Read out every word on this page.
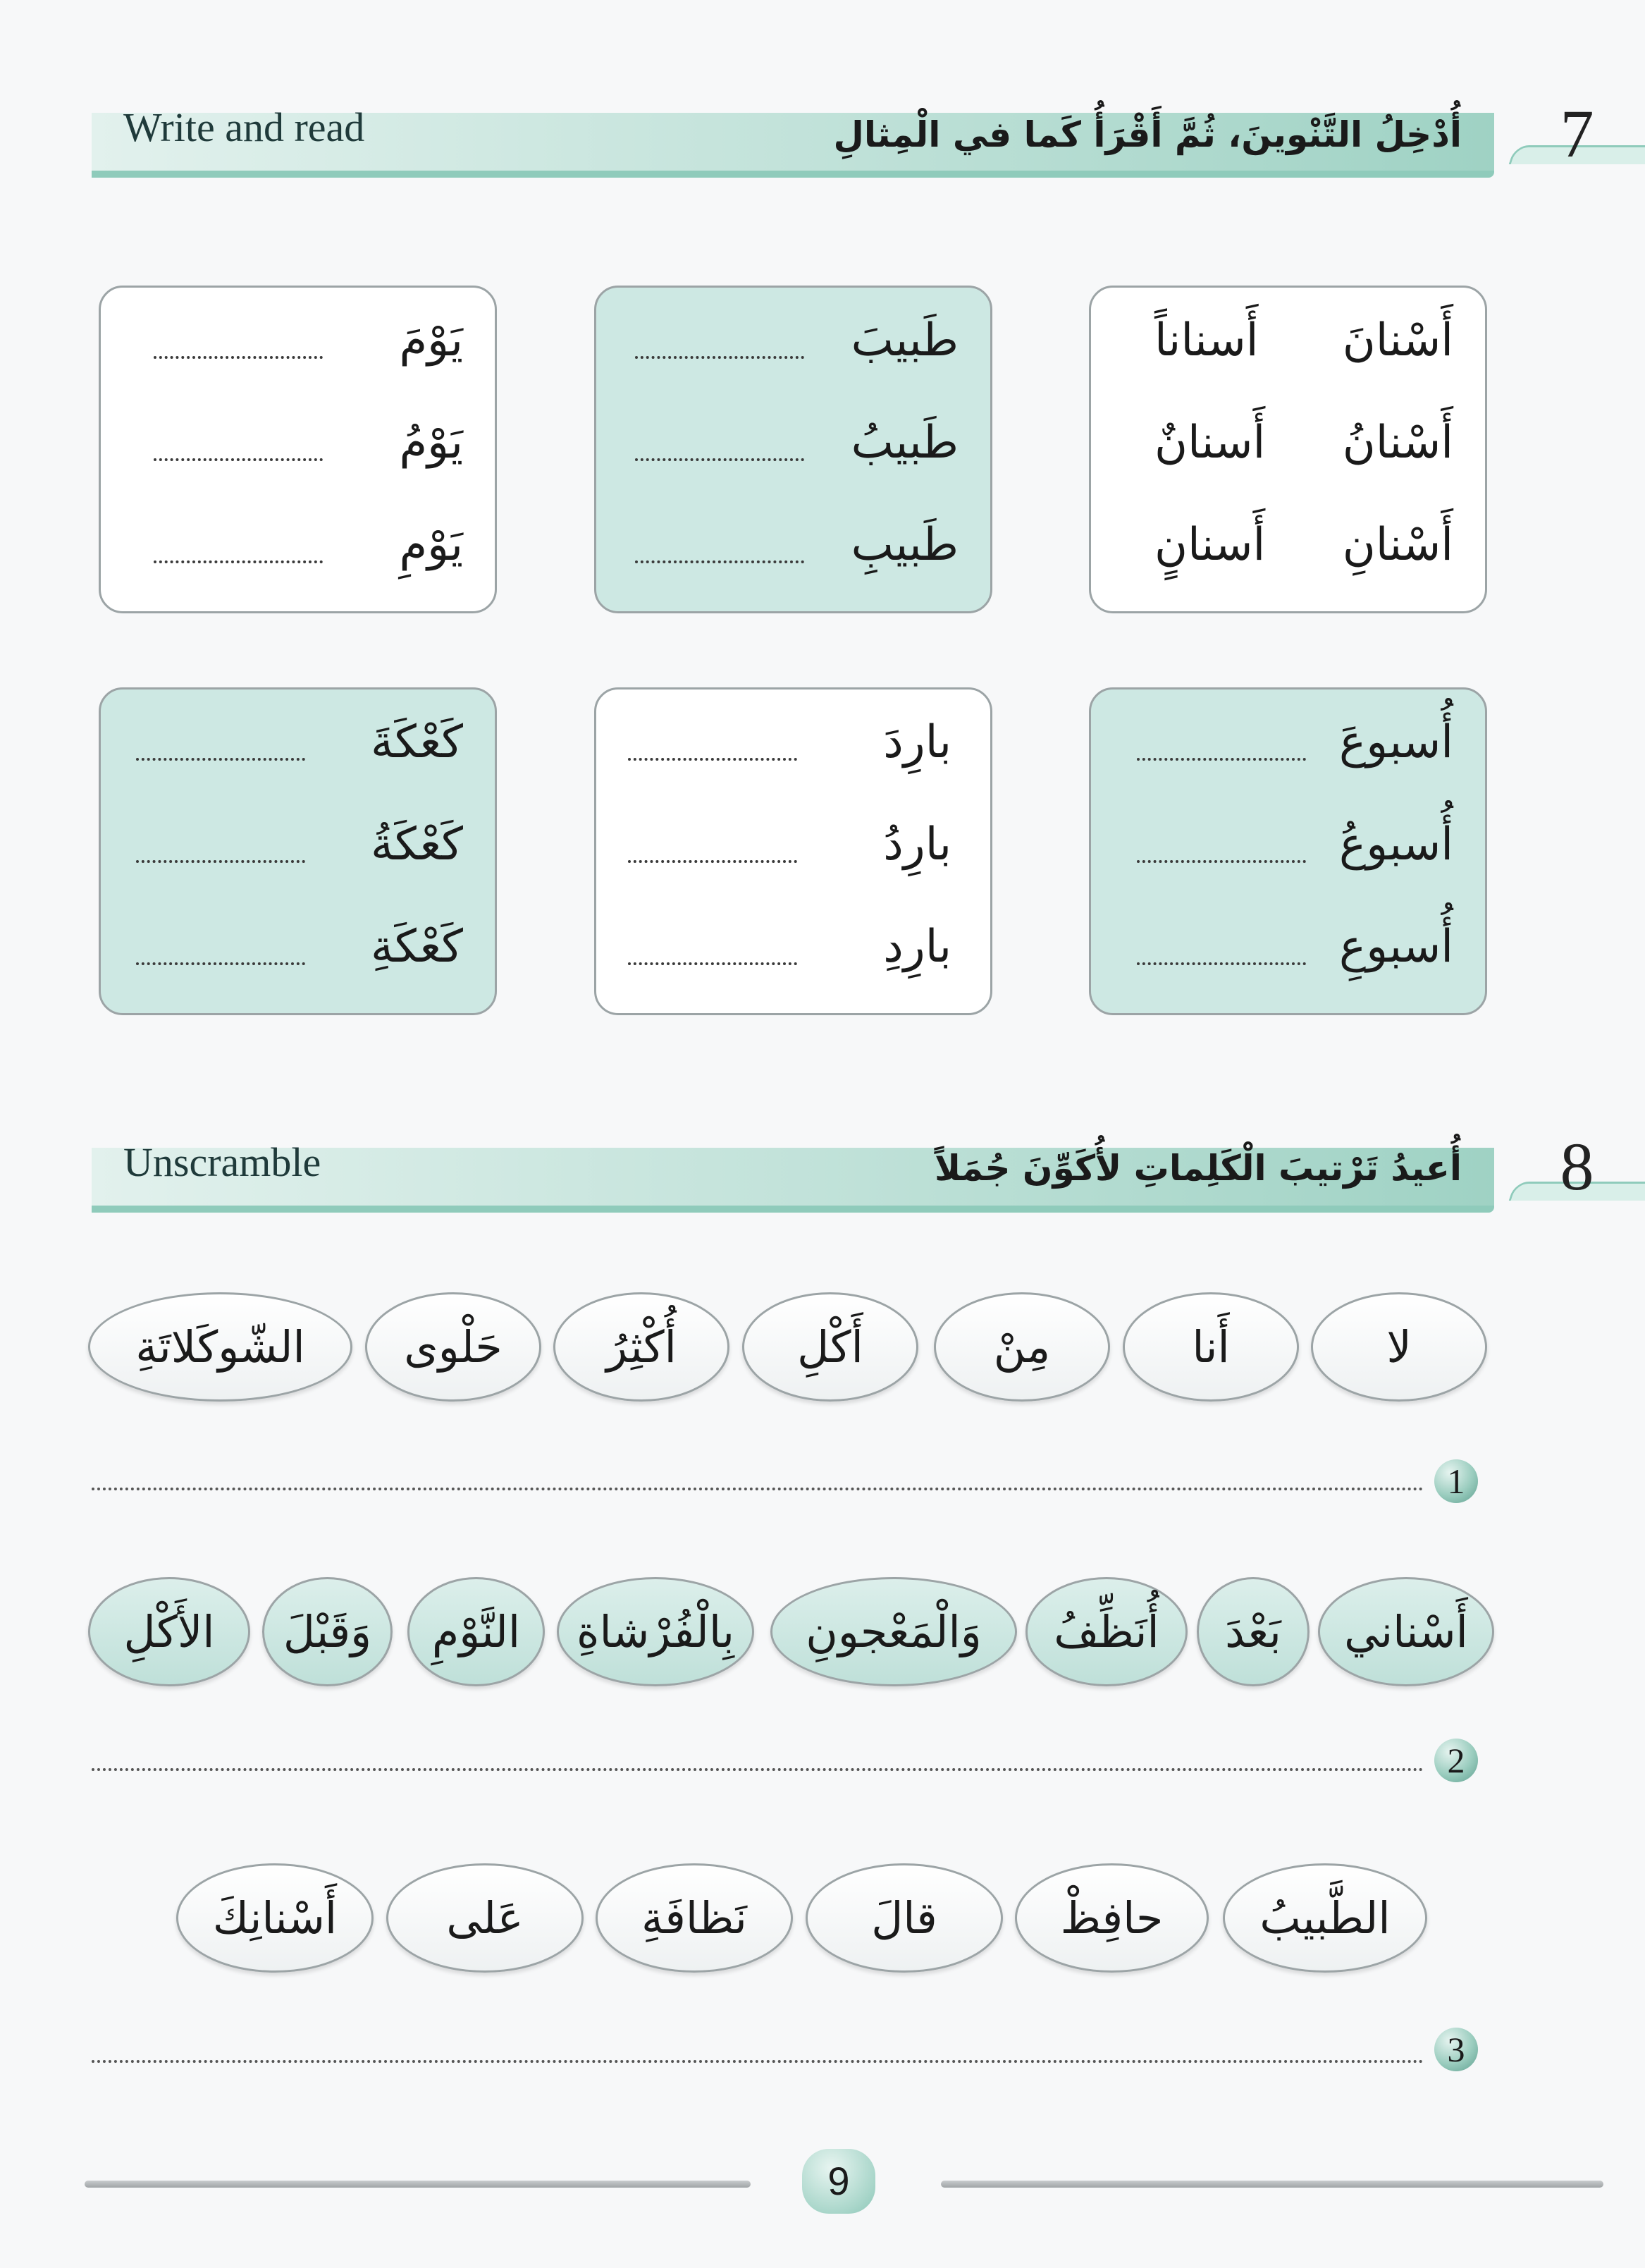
7
Write and read	أُدْخِلُ التَّنْوينَ، ثُمَّ أَقْرَأُ كَما في الْمِثالِ
أَسْنانَ
أَسناناً
أَسْنانُ
أَسنانٌ
أَسْنانِ
أَسنانٍ
طَبيبَ
طَبيبُ
طَبيبِ
يَوْمَ
يَوْمُ
يَوْمِ
أُسبوعَ
أُسبوعُ
أُسبوعِ
بارِدَ
بارِدُ
بارِدِ
كَعْكَةَ
كَعْكَةُ
كَعْكَةِ
8
Unscramble	أُعيدُ تَرْتيبَ الْكَلِماتِ لأُكَوِّنَ جُمَلاً
لا
أَنا
مِنْ
أَكْلِ
أُكْثِرُ
حَلْوى
الشّوكَلاتَةِ
1
أَسْناني
بَعْدَ
أُنَظِّفُ
وَالْمَعْجونِ
بِالْفُرْشاةِ
النَّوْمِ
وَقَبْلَ
الأَكْلِ
2
الطَّبيبُ
حافِظْ
قالَ
نَظافَةِ
عَلى
أَسْنانِكَ
3
9
